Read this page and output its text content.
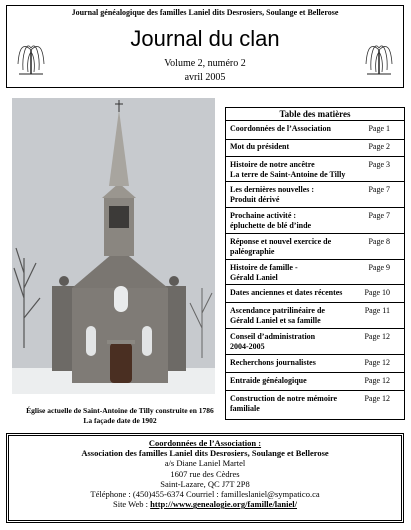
Journal généalogique des familles Laniel dits Desrosiers, Soulange et Bellerose
Journal du clan
Volume 2, numéro 2
avril 2005
Église actuelle de Saint-Antoine de Tilly construite en 1786
La façade date de 1902
Table des matières
Coordonnées de l’Association	Page 1
Mot du président	Page 2
Histoire de notre ancêtre
La terre de Saint-Antoine de Tilly
Page 3
Les dernières nouvelles :
Produit dérivé
Page 7
Prochaine activité :
épluchette de blé d’inde
Page 7
Réponse et nouvel exercice de
paléographie
Page 8
Histoire de famille -
Gérald Laniel
Page 9
Dates anciennes et dates récentes	Page 10
Ascendance patrilinéaire de
Gérald Laniel et sa famille
Page 11
Conseil d’administration
2004-2005
Page 12
Recherchons journalistes	Page 12
Entraide généalogique	Page 12
Construction de notre mémoire
familiale
Page 12
Coordonnées de l’Association :
Association des familles Laniel dits Desrosiers, Soulange et Bellerose
a/s Diane Laniel Martel
1607 rue des Cèdres
Saint-Lazare, QC J7T 2P8
Téléphone : (450)455-6374 Courriel : familleslaniel@sympatico.ca
Site Web : http://www.genealogie.org/famille/laniel/
